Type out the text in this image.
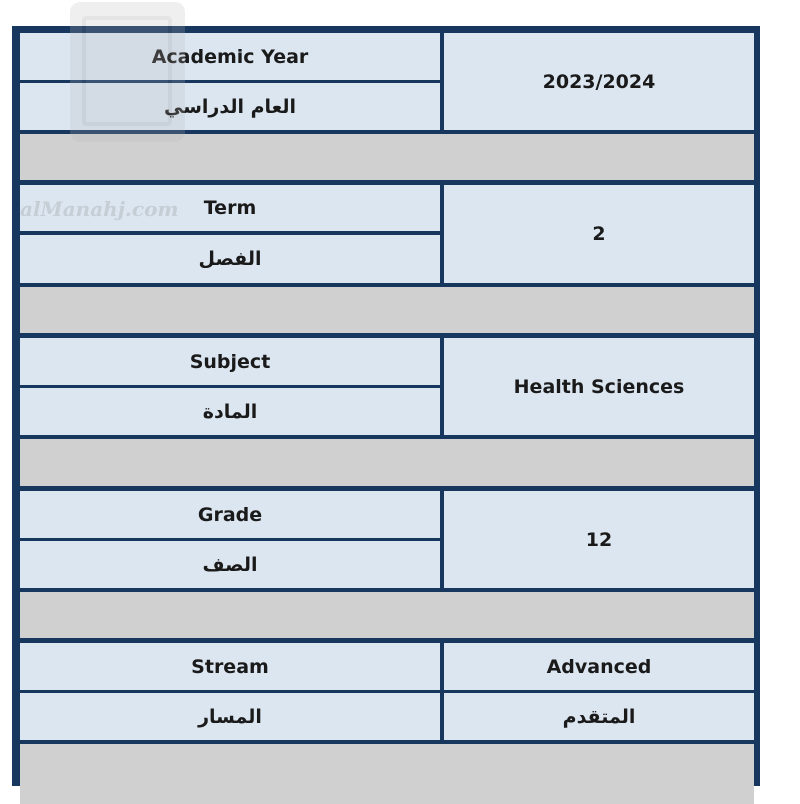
Academic Year
العام الدراسي
2023/2024
Term
الفصل
2
Subject
المادة
Health Sciences
Grade
الصف
12
Stream
المسار
Advanced
المتقدم
alManahj.com
